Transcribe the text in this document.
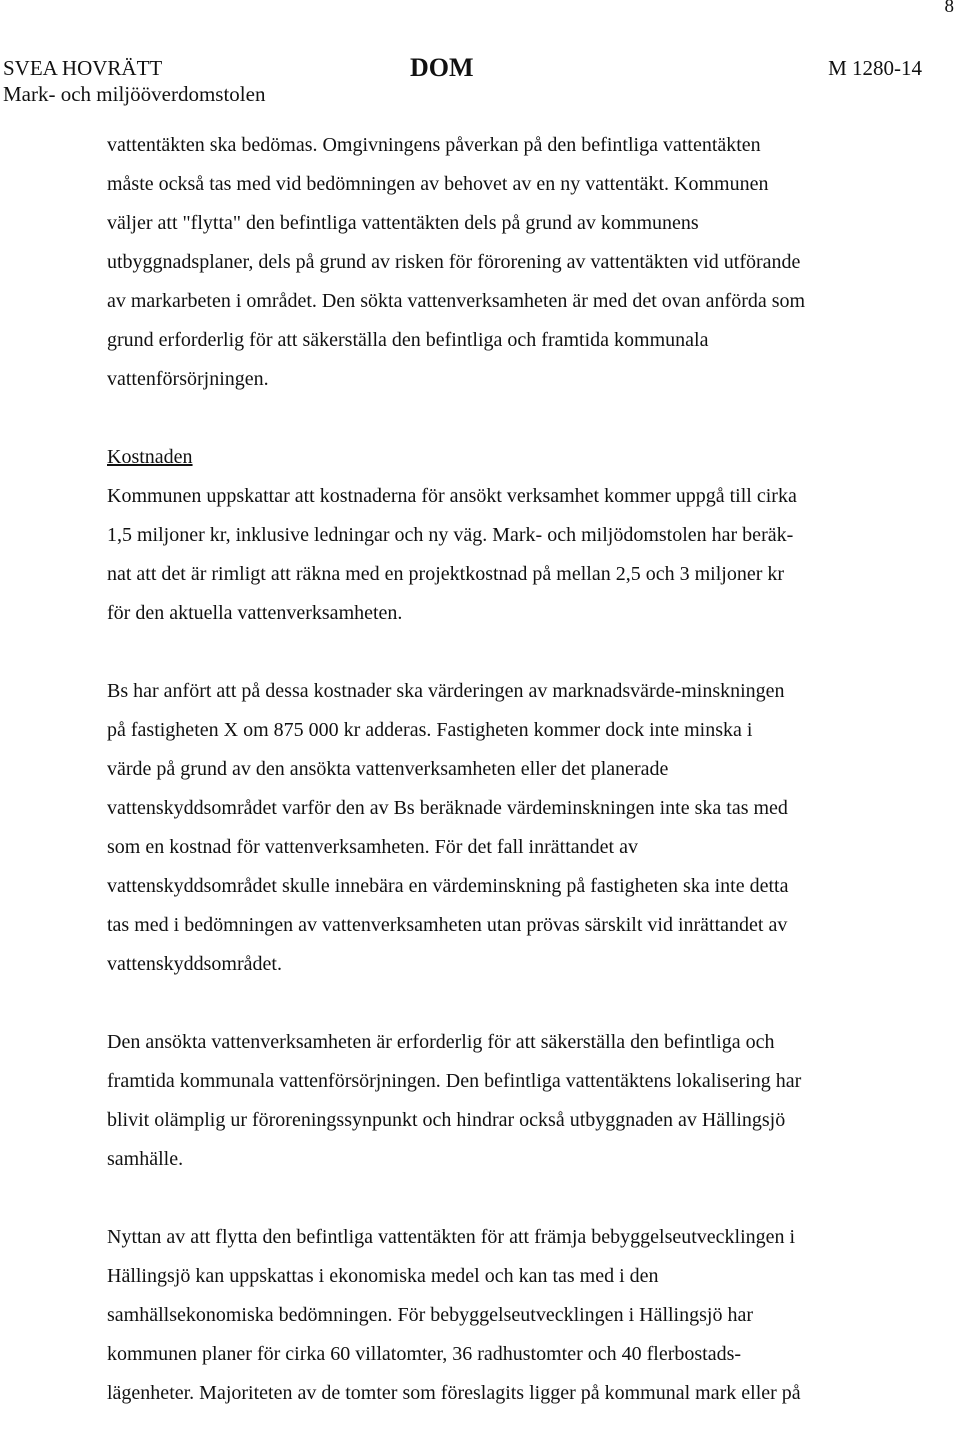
8
SVEA HOVRÄTT
Mark- och miljööverdomstolen
DOM	M 1280-14

vattentäkten ska bedömas. Omgivningens påverkan på den befintliga vattentäkten
måste också tas med vid bedömningen av behovet av en ny vattentäkt. Kommunen
väljer att "flytta" den befintliga vattentäkten dels på grund av kommunens
utbyggnadsplaner, dels på grund av risken för förorening av vattentäkten vid utförande
av markarbeten i området. Den sökta vattenverksamheten är med det ovan anförda som
grund erforderlig för att säkerställa den befintliga och framtida kommunala
vattenförsörjningen.

Kostnaden
Kommunen uppskattar att kostnaderna för ansökt verksamhet kommer uppgå till cirka
1,5 miljoner kr, inklusive ledningar och ny väg. Mark- och miljödomstolen har beräk-
nat att det är rimligt att räkna med en projektkostnad på mellan 2,5 och 3 miljoner kr
för den aktuella vattenverksamheten.

Bs har anfört att på dessa kostnader ska värderingen av marknadsvärde-minskningen
på fastigheten X om 875 000 kr adderas. Fastigheten kommer dock inte minska i
värde på grund av den ansökta vattenverksamheten eller det planerade
vattenskyddsområdet varför den av Bs beräknade värdeminskningen inte ska tas med
som en kostnad för vattenverksamheten. För det fall inrättandet av
vattenskyddsområdet skulle innebära en värdeminskning på fastigheten ska inte detta
tas med i bedömningen av vattenverksamheten utan prövas särskilt vid inrättandet av
vattenskyddsområdet.

Den ansökta vattenverksamheten är erforderlig för att säkerställa den befintliga och
framtida kommunala vattenförsörjningen. Den befintliga vattentäktens lokalisering har
blivit olämplig ur föroreningssynpunkt och hindrar också utbyggnaden av Hällingsjö
samhälle.

Nyttan av att flytta den befintliga vattentäkten för att främja bebyggelseutvecklingen i
Hällingsjö kan uppskattas i ekonomiska medel och kan tas med i den
samhällsekonomiska bedömningen. För bebyggelseutvecklingen i Hällingsjö har
kommunen planer för cirka 60 villatomter, 36 radhustomter och 40 flerbostads-
lägenheter. Majoriteten av de tomter som föreslagits ligger på kommunal mark eller på
